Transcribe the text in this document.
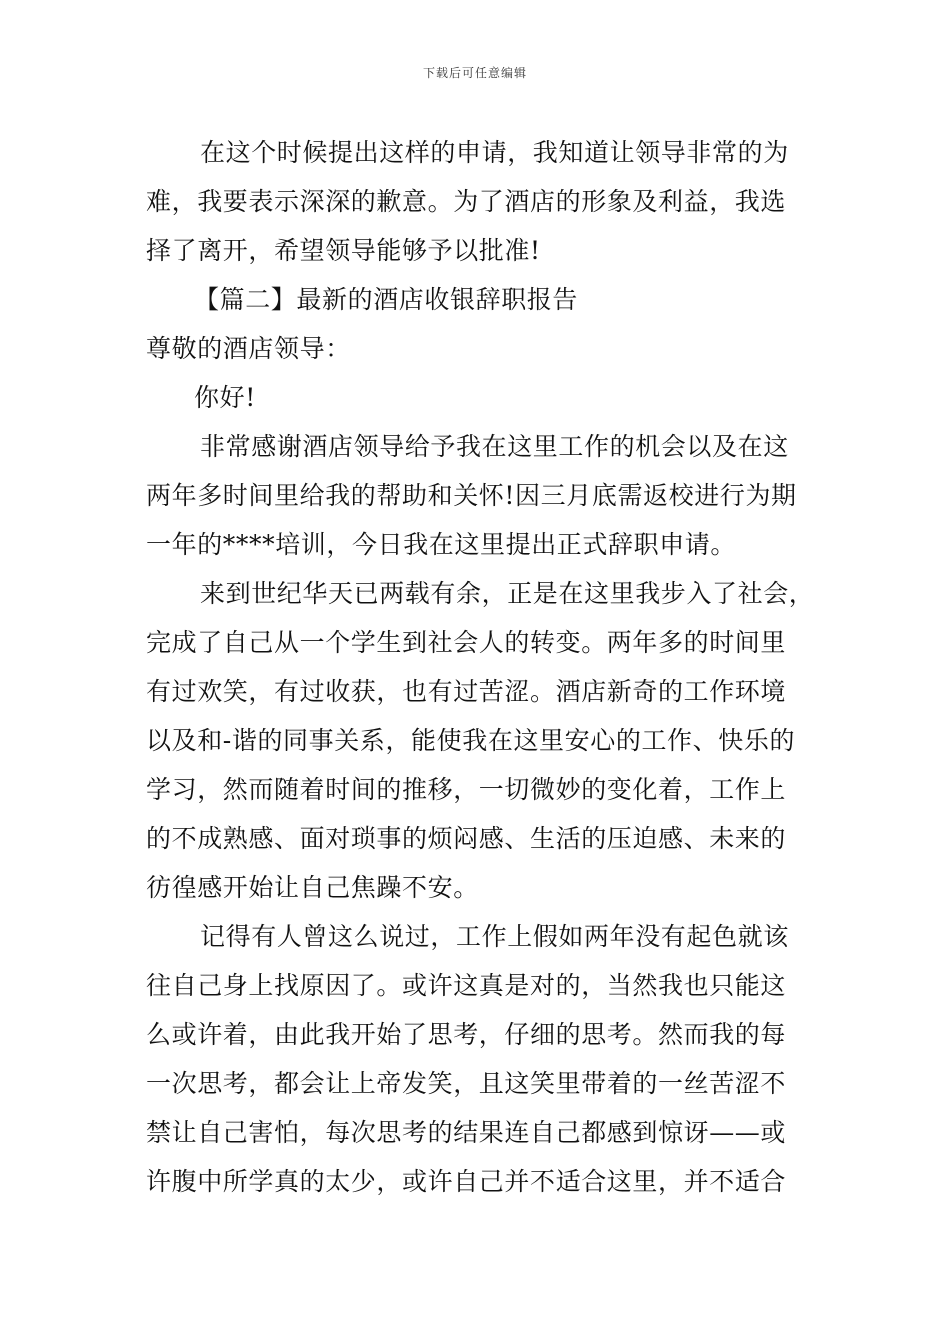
下载后可任意编辑
在这个时候提出这样的申请，我知道让领导非常的为
难，我要表示深深的歉意。为了酒店的形象及利益，我选
择了离开，希望领导能够予以批准!
【篇二】最新的酒店收银辞职报告
尊敬的酒店领导：
你好!
非常感谢酒店领导给予我在这里工作的机会以及在这
两年多时间里给我的帮助和关怀!因三月底需返校进行为期
一年的****培训，今日我在这里提出正式辞职申请。
来到世纪华天已两载有余，正是在这里我步入了社会，
完成了自己从一个学生到社会人的转变。两年多的时间里
有过欢笑，有过收获，也有过苦涩。酒店新奇的工作环境
以及和-谐的同事关系，能使我在这里安心的工作、快乐的
学习，然而随着时间的推移，一切微妙的变化着，工作上
的不成熟感、面对琐事的烦闷感、生活的压迫感、未来的
彷徨感开始让自己焦躁不安。
记得有人曾这么说过，工作上假如两年没有起色就该
往自己身上找原因了。或许这真是对的，当然我也只能这
么或许着，由此我开始了思考，仔细的思考。然而我的每
一次思考，都会让上帝发笑，且这笑里带着的一丝苦涩不
禁让自己害怕，每次思考的结果连自己都感到惊讶——或
许腹中所学真的太少，或许自己并不适合这里，并不适合
